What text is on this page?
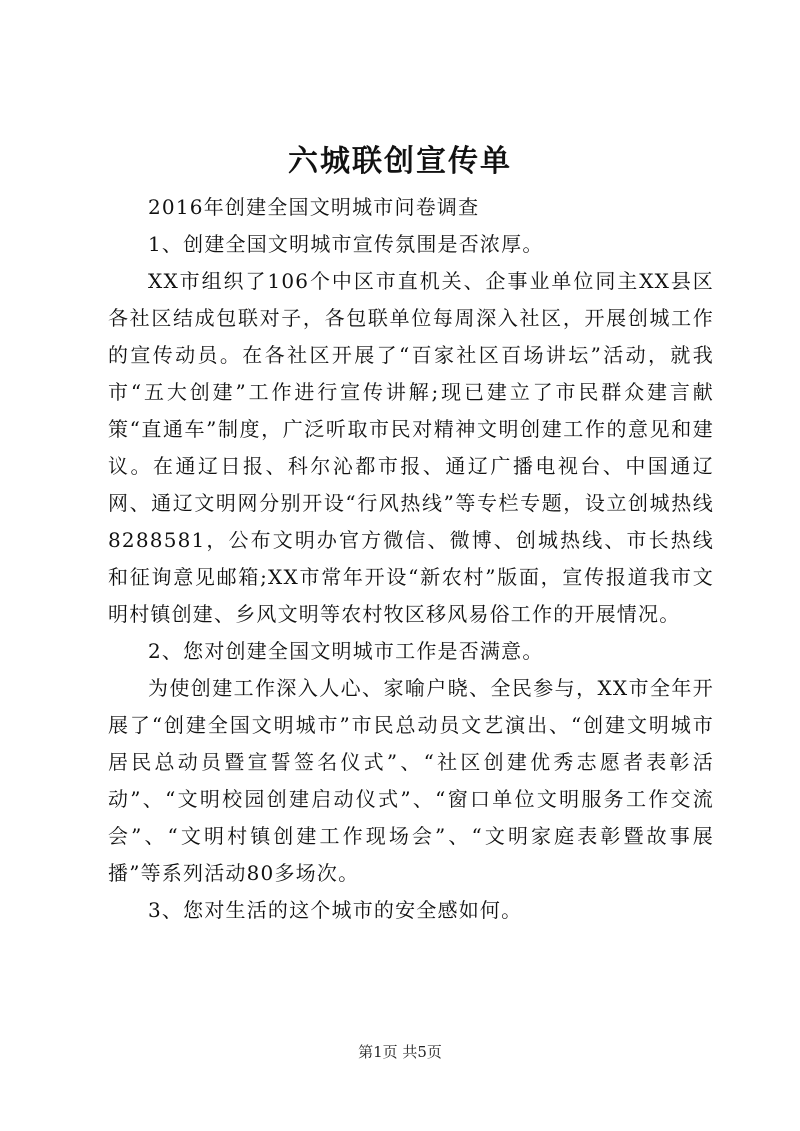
六城联创宣传单

2016年创建全国文明城市问卷调查

1、创建全国文明城市宣传氛围是否浓厚。

XX市组织了106个中区市直机关、企事业单位同主XX县区各社区结成包联对子，各包联单位每周深入社区，开展创城工作的宣传动员。在各社区开展了“百家社区百场讲坛”活动，就我市“五大创建”工作进行宣传讲解;现已建立了市民群众建言献策“直通车”制度，广泛听取市民对精神文明创建工作的意见和建议。在通辽日报、科尔沁都市报、通辽广播电视台、中国通辽网、通辽文明网分别开设“行风热线”等专栏专题，设立创城热线8288581，公布文明办官方微信、微博、创城热线、市长热线和征询意见邮箱;XX市常年开设“新农村”版面，宣传报道我市文明村镇创建、乡风文明等农村牧区移风易俗工作的开展情况。

2、您对创建全国文明城市工作是否满意。

为使创建工作深入人心、家喻户晓、全民参与，XX市全年开展了“创建全国文明城市”市民总动员文艺演出、“创建文明城市居民总动员暨宣誓签名仪式”、“社区创建优秀志愿者表彰活动”、“文明校园创建启动仪式”、“窗口单位文明服务工作交流会”、“文明村镇创建工作现场会”、“文明家庭表彰暨故事展播”等系列活动80多场次。

3、您对生活的这个城市的安全感如何。

第1页 共5页
